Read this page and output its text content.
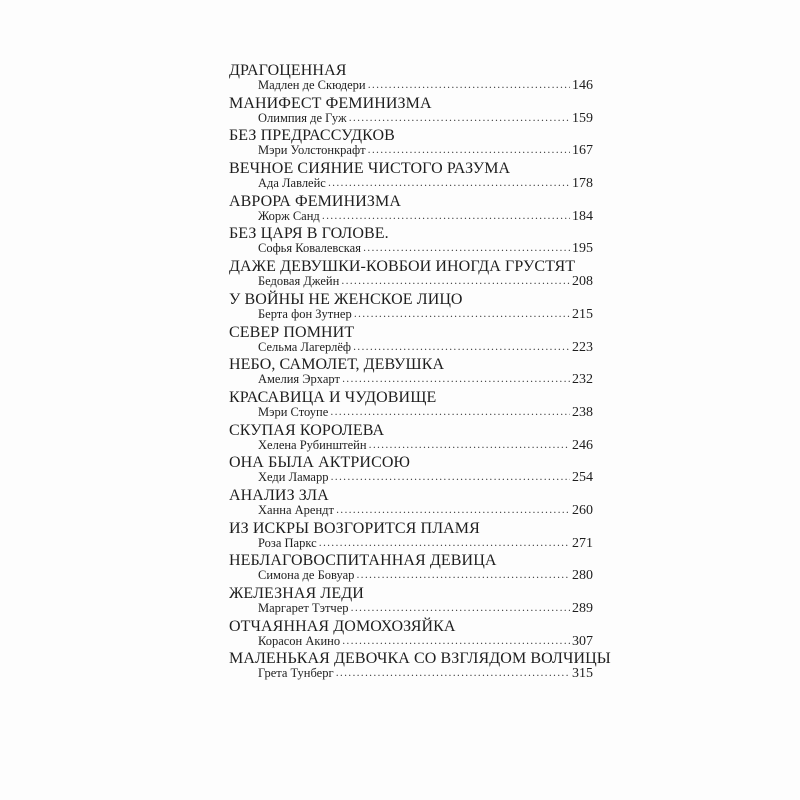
ДРАГОЦЕННАЯ
Мадлен де Скюдери .....	146
МАНИФЕСТ ФЕМИНИЗМА
Олимпия де Гуж .....	159
БЕЗ ПРЕДРАССУДКОВ
Мэри Уолстонкрафт .....	167
ВЕЧНОЕ СИЯНИЕ ЧИСТОГО РАЗУМА
Ада Лавлейс .....	178
АВРОРА ФЕМИНИЗМА
Жорж Санд .....	184
БЕЗ ЦАРЯ В ГОЛОВЕ.
Софья Ковалевская .....	195
ДАЖЕ ДЕВУШКИ-КОВБОИ ИНОГДА ГРУСТЯТ
Бедовая Джейн .....	208
У ВОЙНЫ НЕ ЖЕНСКОЕ ЛИЦО
Берта фон Зутнер .....	215
СЕВЕР ПОМНИТ
Сельма Лагерлёф .....	223
НЕБО, САМОЛЕТ, ДЕВУШКА
Амелия Эрхарт .....	232
КРАСАВИЦА И ЧУДОВИЩЕ
Мэри Стоупе .....	238
СКУПАЯ КОРОЛЕВА
Хелена Рубинштейн .....	246
ОНА БЫЛА АКТРИСОЮ
Хеди Ламарр .....	254
АНАЛИЗ ЗЛА
Ханна Арендт .....	260
ИЗ ИСКРЫ ВОЗГОРИТСЯ ПЛАМЯ
Роза Паркс .....	271
НЕБЛАГОВОСПИТАННАЯ ДЕВИЦА
Симона де Бовуар .....	280
ЖЕЛЕЗНАЯ ЛЕДИ
Маргарет Тэтчер .....	289
ОТЧАЯННАЯ ДОМОХОЗЯЙКА
Корасон Акино .....	307
МАЛЕНЬКАЯ ДЕВОЧКА СО ВЗГЛЯДОМ ВОЛЧИЦЫ
Грета Тунберг .....	315
